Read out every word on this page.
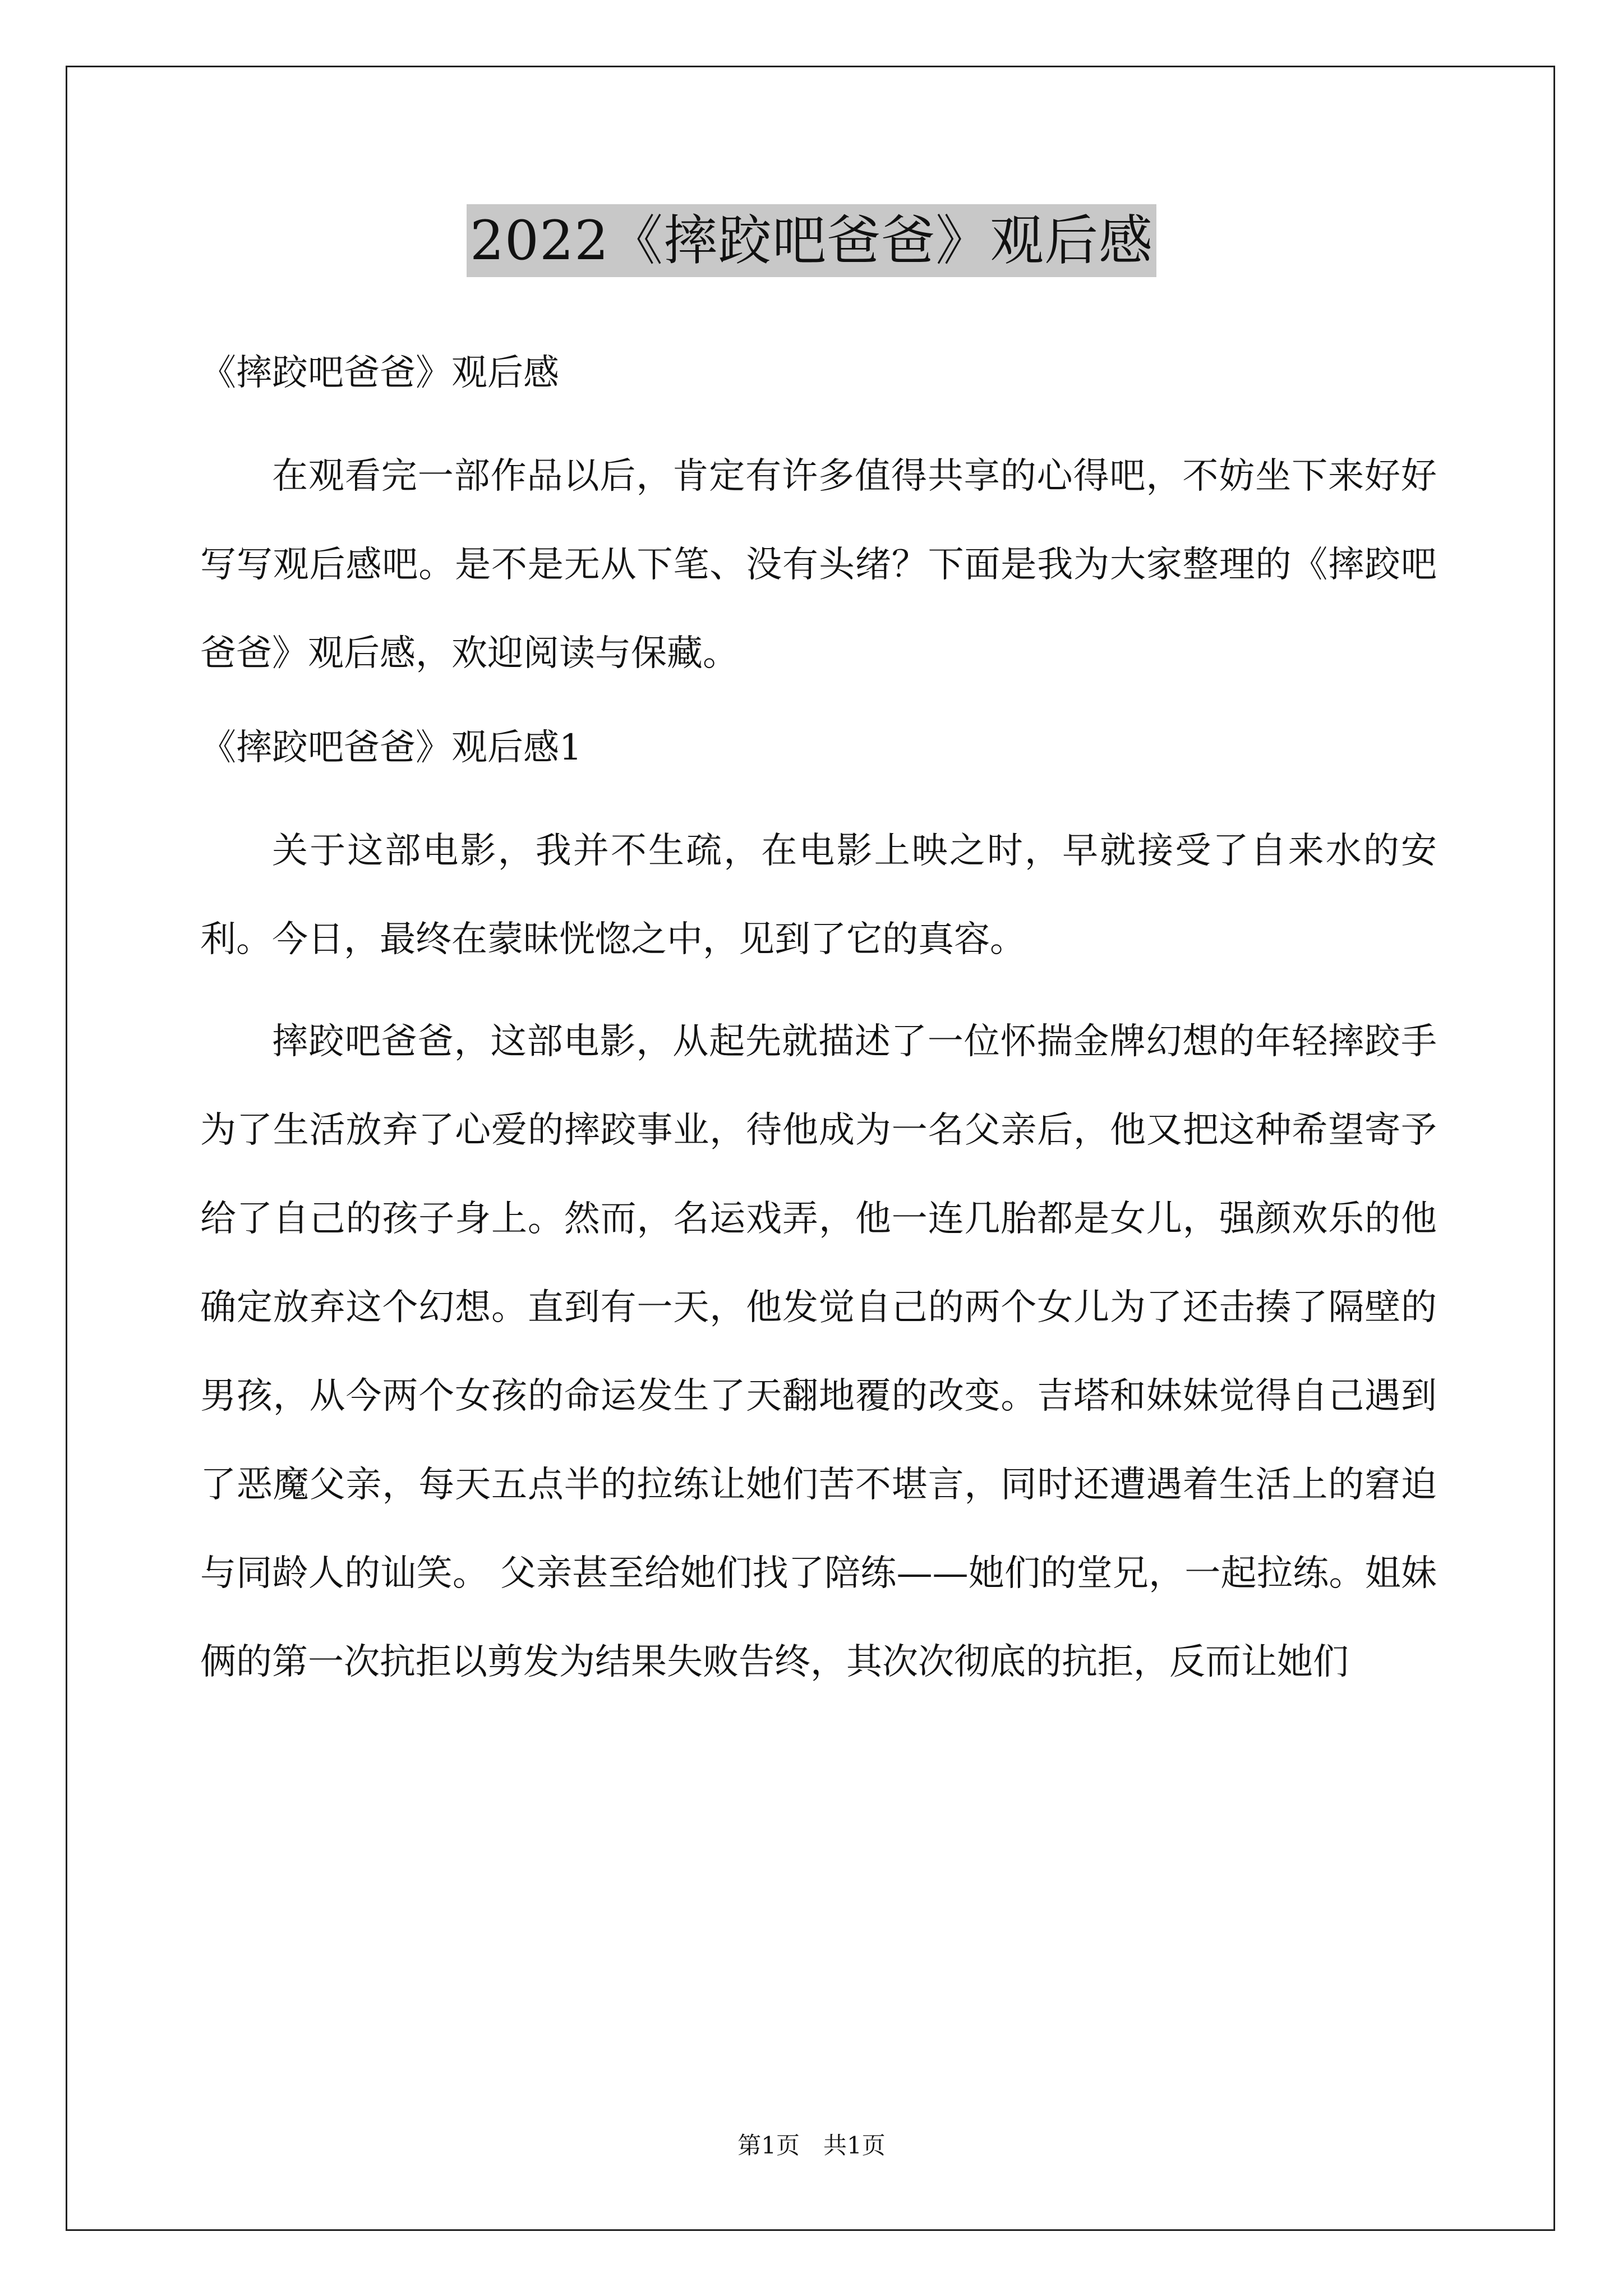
2022《摔跤吧爸爸》观后感
《摔跤吧爸爸》观后感

在观看完一部作品以后，肯定有许多值得共享的心得吧，不妨坐下来好好写写观后感吧。是不是无从下笔、没有头绪？下面是我为大家整理的《摔跤吧爸爸》观后感，欢迎阅读与保藏。

《摔跤吧爸爸》观后感1

关于这部电影，我并不生疏，在电影上映之时，早就接受了自来水的安利。今日，最终在蒙昧恍惚之中，见到了它的真容。

摔跤吧爸爸，这部电影，从起先就描述了一位怀揣金牌幻想的年轻摔跤手为了生活放弃了心爱的摔跤事业，待他成为一名父亲后，他又把这种希望寄予给了自己的孩子身上。然而，名运戏弄，他一连几胎都是女儿，强颜欢乐的他确定放弃这个幻想。直到有一天，他发觉自己的两个女儿为了还击揍了隔壁的男孩，从今两个女孩的命运发生了天翻地覆的改变。吉塔和妹妹觉得自己遇到了恶魔父亲，每天五点半的拉练让她们苦不堪言，同时还遭遇着生活上的窘迫与同龄人的讪笑。 父亲甚至给她们找了陪练——她们的堂兄，一起拉练。姐妹俩的第一次抗拒以剪发为结果失败告终，其次次彻底的抗拒，反而让她们

第1页　共1页
